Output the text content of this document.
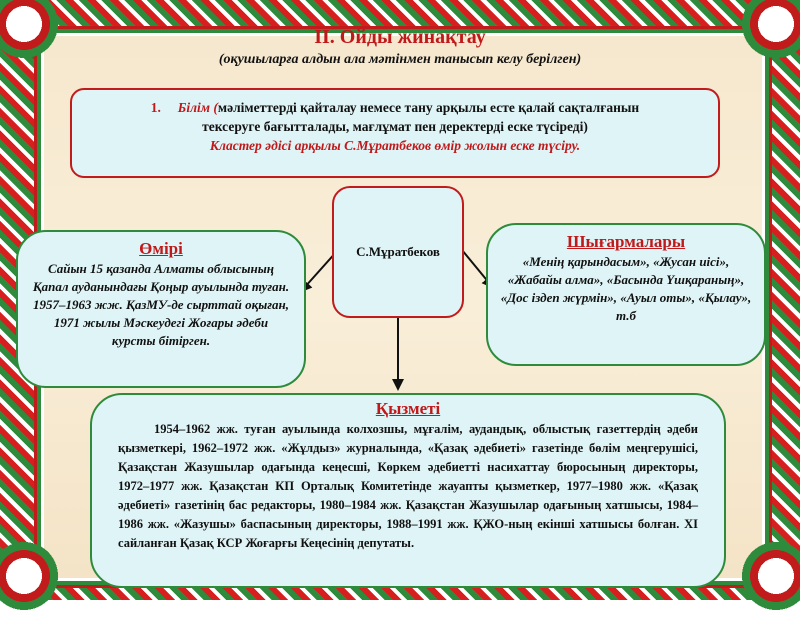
II. Ойды жинақтау
(оқушыларға алдын ала мәтінмен танысып келу берілген)
1. Білім (мәліметтерді қайталау немесе тану арқылы есте қалай сақталғанын
тексеруге бағытталады, мағлұмат пен деректерді еске түсіреді)
Кластер әдісі арқылы С.Мұратбеков өмір жолын еске түсіру.
С.Мұратбеков
Өмірі
Сайын 15 қазанда Алматы облысының Қапал ауданындағы Қоңыр ауылында туған. 1957–1963 жж. ҚазМУ-де сырттай оқыған, 1971 жылы Мәскеудегі Жоғары әдеби курсты бітірген.
Шығармалары
«Менің қарындасым», «Жусан иісі», «Жабайы алма», «Басында Үшқараның», «Дос іздеп жүрмін», «Ауыл оты», «Қылау», т.б
Қызметі

1954–1962 жж. туған ауылында колхозшы, мұғалім, аудандық, облыстық газеттердің әдеби қызметкері, 1962–1972 жж. «Жұлдыз» журналында, «Қазақ әдебиеті» газетінде бөлім меңгерушісі, Қазақстан Жазушылар одағында кеңесші, Көркем әдебиетті насихаттау бюросының директоры, 1972–1977 жж. Қазақстан КП Орталық Комитетінде жауапты қызметкер, 1977–1980 жж. «Қазақ әдебиеті» газетінің бас редакторы, 1980–1984 жж. Қазақстан Жазушылар одағының хатшысы, 1984–1986 жж. «Жазушы» баспасының директоры, 1988–1991 жж. ҚЖО-ның екінші хатшысы болған. ХІ сайланған Қазақ КСР Жоғарғы Кеңесінің депутаты.
